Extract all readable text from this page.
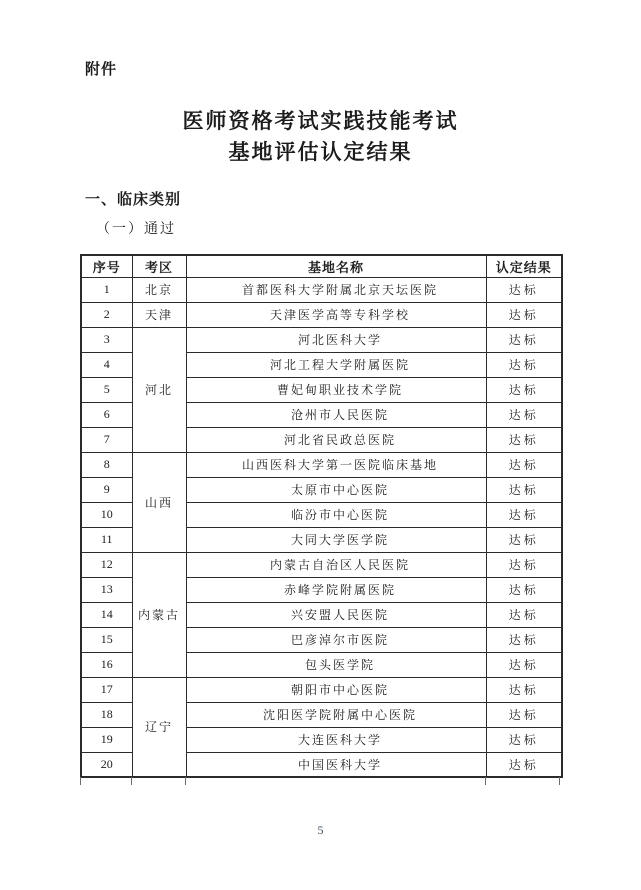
附件
医师资格考试实践技能考试
基地评估认定结果
一、临床类别
（一）通过
序号	考区	基地名称	认定结果
1	北京	首都医科大学附属北京天坛医院	达标
2	天津	天津医学高等专科学校	达标
3	河北	河北医科大学	达标
4		河北工程大学附属医院	达标
5		曹妃甸职业技术学院	达标
6		沧州市人民医院	达标
7		河北省民政总医院	达标
8	山西	山西医科大学第一医院临床基地	达标
9		太原市中心医院	达标
10		临汾市中心医院	达标
11		大同大学医学院	达标
12	内蒙古	内蒙古自治区人民医院	达标
13		赤峰学院附属医院	达标
14		兴安盟人民医院	达标
15		巴彦淖尔市医院	达标
16		包头医学院	达标
17	辽宁	朝阳市中心医院	达标
18		沈阳医学院附属中心医院	达标
19		大连医科大学	达标
20		中国医科大学	达标
5
